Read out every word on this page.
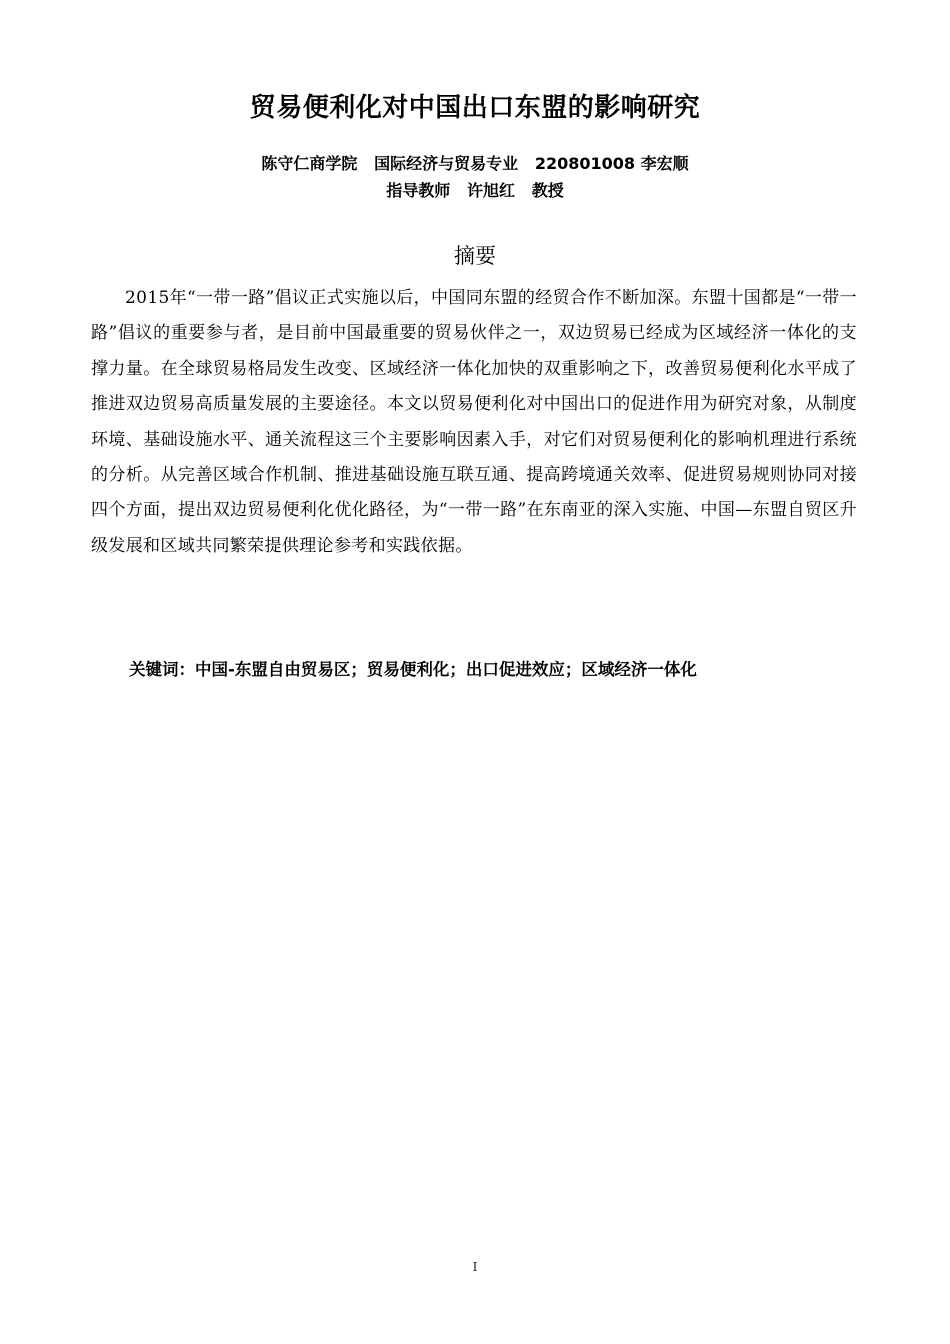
贸易便利化对中国出口东盟的影响研究
陈守仁商学院   国际经济与贸易专业   220801008 李宏顺
指导教师   许旭红   教授
摘要

2015年“一带一路”倡议正式实施以后，中国同东盟的经贸合作不断加深。东盟十国都是“一带一路”倡议的重要参与者，是目前中国最重要的贸易伙伴之一，双边贸易已经成为区域经济一体化的支撑力量。在全球贸易格局发生改变、区域经济一体化加快的双重影响之下，改善贸易便利化水平成了推进双边贸易高质量发展的主要途径。本文以贸易便利化对中国出口的促进作用为研究对象，从制度环境、基础设施水平、通关流程这三个主要影响因素入手，对它们对贸易便利化的影响机理进行系统的分析。从完善区域合作机制、推进基础设施互联互通、提高跨境通关效率、促进贸易规则协同对接四个方面，提出双边贸易便利化优化路径，为“一带一路”在东南亚的深入实施、中国—东盟自贸区升级发展和区域共同繁荣提供理论参考和实践依据。

关键词：中国-东盟自由贸易区；贸易便利化；出口促进效应；区域经济一体化
I
